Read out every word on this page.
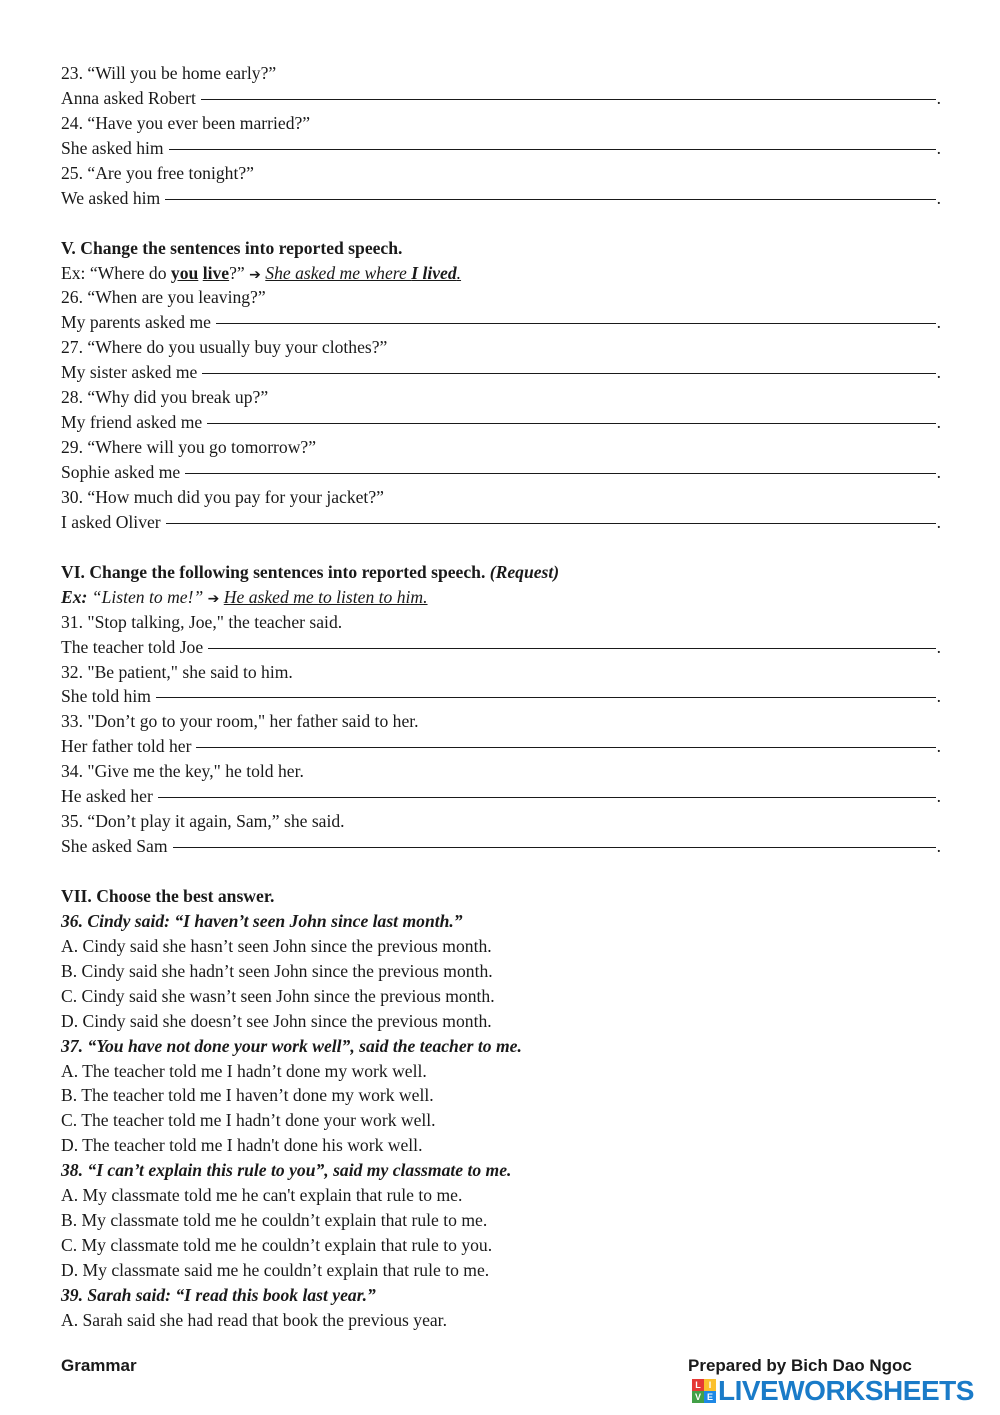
23. “Will you be home early?”
Anna asked Robert	.
24. “Have you ever been married?”
She asked him	.
25. “Are you free tonight?”
We asked him	.
V. Change the sentences into reported speech.
Ex: “Where do you live?” ➔ She asked me where I lived.
26. “When are you leaving?”
My parents asked me	.
27. “Where do you usually buy your clothes?”
My sister asked me	.
28. “Why did you break up?”
My friend asked me	.
29. “Where will you go tomorrow?”
Sophie asked me	.
30. “How much did you pay for your jacket?”
I asked Oliver	.
VI. Change the following sentences into reported speech. (Request)
Ex: “Listen to me!” ➔ He asked me to listen to him.
31. "Stop talking, Joe," the teacher said.
The teacher told Joe	.
32. "Be patient," she said to him.
She told him	.
33. "Don’t go to your room," her father said to her.
Her father told her	.
34. "Give me the key," he told her.
He asked her	.
35. “Don’t play it again, Sam,” she said.
She asked Sam	.
VII. Choose the best answer.
36. Cindy said: “I haven’t seen John since last month.”
A. Cindy said she hasn’t seen John since the previous month.
B. Cindy said she hadn’t seen John since the previous month.
C. Cindy said she wasn’t seen John since the previous month.
D. Cindy said she doesn’t see John since the previous month.
37. “You have not done your work well”, said the teacher to me.
A. The teacher told me I hadn’t done my work well.
B. The teacher told me I haven’t done my work well.
C. The teacher told me I hadn’t done your work well.
D. The teacher told me I hadn't done his work well.
38. “I can’t explain this rule to you”, said my classmate to me.
A. My classmate told me he can't explain that rule to me.
B. My classmate told me he couldn’t explain that rule to me.
C. My classmate told me he couldn’t explain that rule to you.
D. My classmate said me he couldn’t explain that rule to me.
39. Sarah said: “I read this book last year.”
A. Sarah said she had read that book the previous year.
Grammar	Prepared by Bich Dao Ngoc
L I
V E LIVEWORKSHEETS
